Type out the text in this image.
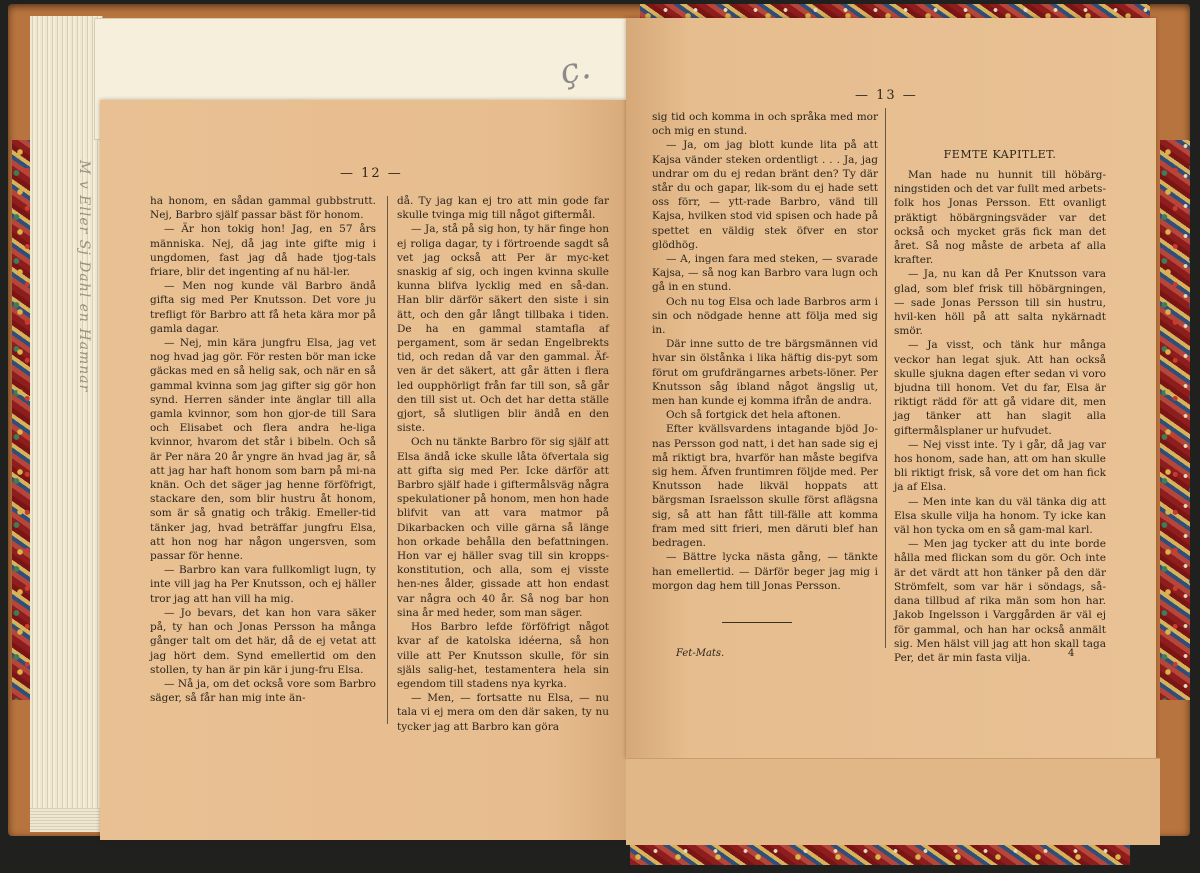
ç.
M v Eller Sj Dahl en Hamnar	— 12 —

ha honom, en sådan gammal gubbstrutt. Nej, Barbro själf passar bäst för honom.

— Är hon tokig hon! Jag, en 57 års människa. Nej, då jag inte gifte mig i ungdomen, fast jag då hade tjog-tals friare, blir det ingenting af nu häl-ler.

— Men nog kunde väl Barbro ändå gifta sig med Per Knutsson. Det vore ju trefligt för Barbro att få heta kära mor på gamla dagar.

— Nej, min kära jungfru Elsa, jag vet nog hvad jag gör. För resten bör man icke gäckas med en så helig sak, och när en så gammal kvinna som jag gifter sig gör hon synd. Herren sänder inte änglar till alla gamla kvinnor, som hon gjor-de till Sara och Elisabet och flera andra he-liga kvinnor, hvarom det står i bibeln. Och så är Per nära 20 år yngre än hvad jag är, så att jag har haft honom som barn på mi-na knän. Och det säger jag henne förföfrigt, stackare den, som blir hustru åt honom, som är så gnatig och tråkig. Emeller-tid tänker jag, hvad beträffar jungfru Elsa, att hon nog har någon ungersven, som passar för henne.

— Barbro kan vara fullkomligt lugn, ty inte vill jag ha Per Knutsson, och ej häller tror jag att han vill ha mig.

— Jo bevars, det kan hon vara säker på, ty han och Jonas Persson ha många gånger talt om det här, då de ej vetat att jag hört dem. Synd emellertid om den stollen, ty han är pin kär i jung-fru Elsa.

— Nå ja, om det också vore som Barbro säger, så får han mig inte än-

då. Ty jag kan ej tro att min gode far skulle tvinga mig till något giftermål.

— Ja, stå på sig hon, ty här finge hon ej roliga dagar, ty i förtroende sagdt så vet jag också att Per är myc-ket snaskig af sig, och ingen kvinna skulle kunna blifva lycklig med en så-dan. Han blir därför säkert den siste i sin ätt, och den går långt tillbaka i tiden. De ha en gammal stamtafla af pergament, som är sedan Engelbrekts tid, och redan då var den gammal. Äf-ven är det säkert, att går ätten i flera led oupphörligt från far till son, så går den till sist ut. Och det har detta ställe gjort, så slutligen blir ändå en den siste.

Och nu tänkte Barbro för sig själf att Elsa ändå icke skulle låta öfvertala sig att gifta sig med Per. Icke därför att Barbro själf hade i giftermålsväg några spekulationer på honom, men hon hade blifvit van att vara matmor på Dikarbacken och ville gärna så länge hon orkade behålla den befattningen. Hon var ej häller svag till sin kropps-konstitution, och alla, som ej visste hen-nes ålder, gissade att hon endast var några och 40 år. Så nog bar hon sina år med heder, som man säger.

Hos Barbro lefde förföfrigt något kvar af de katolska idéerna, så hon ville att Per Knutsson skulle, för sin själs salig-het, testamentera hela sin egendom till stadens nya kyrka.

— Men, — fortsatte nu Elsa, — nu tala vi ej mera om den där saken, ty nu tycker jag att Barbro kan göra

— 13 —

sig tid och komma in och språka med mor och mig en stund.

— Ja, om jag blott kunde lita på att Kajsa vänder steken ordentligt . . . Ja, jag undrar om du ej redan bränt den? Ty där står du och gapar, lik-som du ej hade sett oss förr, — ytt-rade Barbro, vänd till Kajsa, hvilken stod vid spisen och hade på spettet en väldig stek öfver en stor glödhög.

— A, ingen fara med steken, — svarade Kajsa, — så nog kan Barbro vara lugn och gå in en stund.

Och nu tog Elsa och lade Barbros arm i sin och nödgade henne att följa med sig in.

Där inne sutto de tre bärgsmännen vid hvar sin ölstånka i lika häftig dis-pyt som förut om grufdrängarnes arbets-löner. Per Knutsson såg ibland något ängslig ut, men han kunde ej komma ifrån de andra.

Och så fortgick det hela aftonen.

Efter kvällsvardens intagande bjöd Jo-nas Persson god natt, i det han sade sig ej må riktigt bra, hvarför han måste begifva sig hem. Äfven fruntimren följde med. Per Knutsson hade likväl hoppats att bärgsman Israelsson skulle först aflägsna sig, så att han fått till-fälle att komma fram med sitt frieri, men däruti blef han bedragen.

— Bättre lycka nästa gång, — tänkte han emellertid. — Därför beger jag mig i morgon dag hem till Jonas Persson.

Man hade nu hunnit till höbärg-ningstiden och det var fullt med arbets-folk hos Jonas Persson. Ett ovanligt präktigt höbärgningsväder var det också och mycket gräs fick man det året. Så nog måste de arbeta af alla krafter.

— Ja, nu kan då Per Knutsson vara glad, som blef frisk till höbärgningen, — sade Jonas Persson till sin hustru, hvil-ken höll på att salta nykärnadt smör.

— Ja visst, och tänk hur många veckor han legat sjuk. Att han också skulle sjukna dagen efter sedan vi voro bjudna till honom. Vet du far, Elsa är riktigt rädd för att gå vidare dit, men jag tänker att han slagit alla giftermålsplaner ur hufvudet.

— Nej visst inte. Ty i går, då jag var hos honom, sade han, att om han skulle bli riktigt frisk, så vore det om han fick ja af Elsa.

— Men inte kan du väl tänka dig att Elsa skulle vilja ha honom. Ty icke kan väl hon tycka om en så gam-mal karl.

— Men jag tycker att du inte borde hålla med flickan som du gör. Och inte är det värdt att hon tänker på den där Strömfelt, som var här i söndags, så-dana tillbud af rika män som hon har. Jakob Ingelsson i Varggården är väl ej för gammal, och han har också anmält sig. Men hälst vill jag att hon skall taga Per, det är min fasta vilja.

FEMTE KAPITLET.

Fet-Mats.	4
